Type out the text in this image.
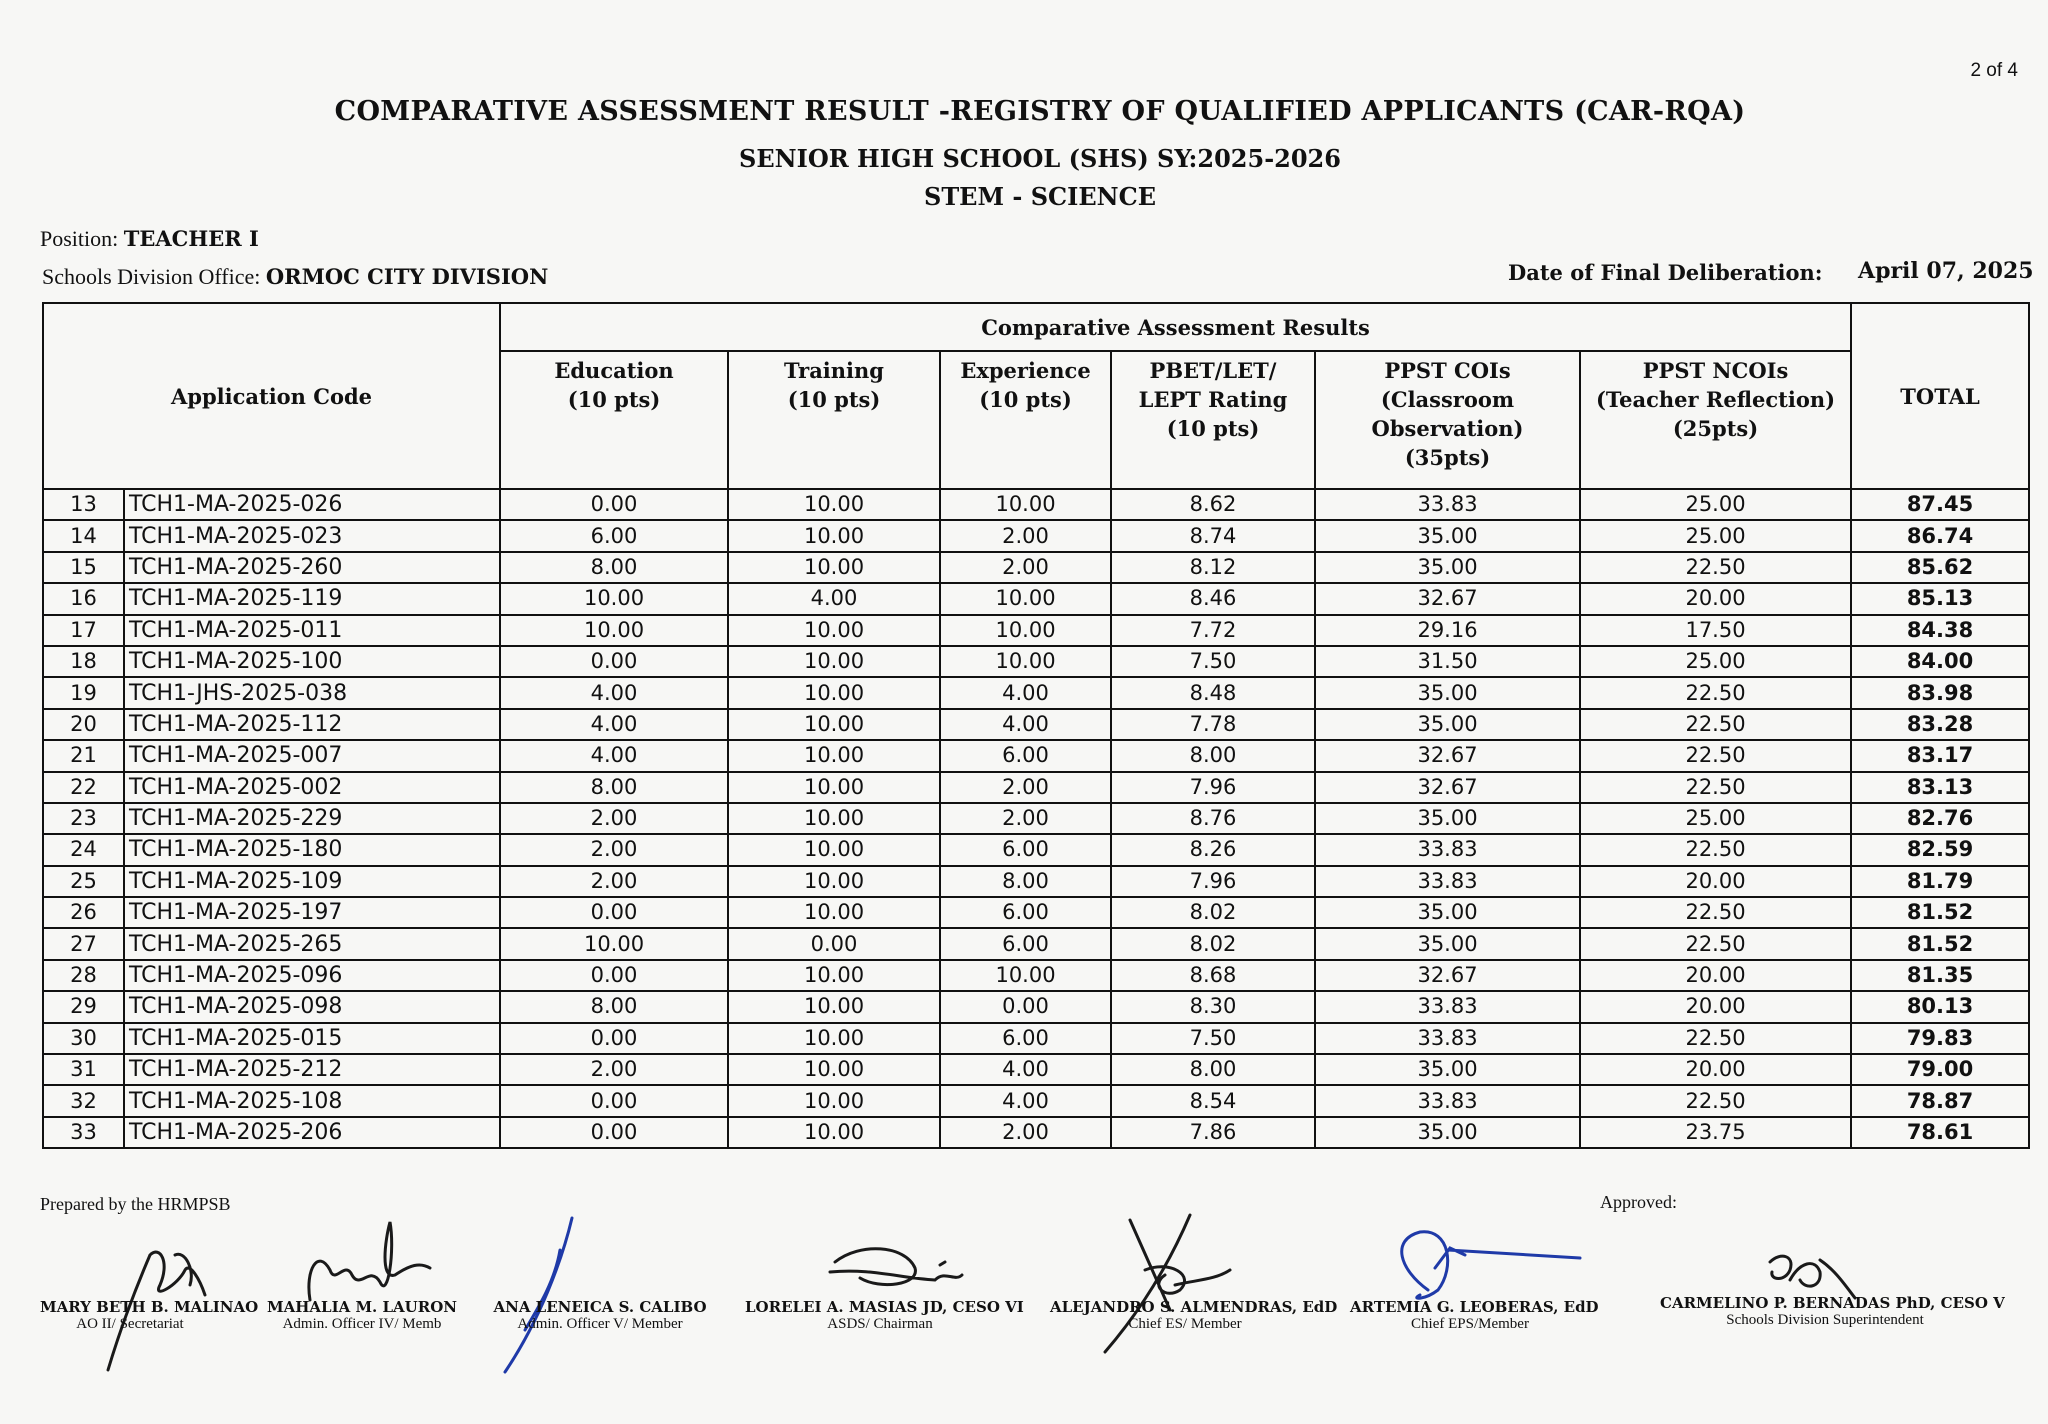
2 of 4
COMPARATIVE ASSESSMENT RESULT -REGISTRY OF QUALIFIED APPLICANTS (CAR-RQA)
SENIOR HIGH SCHOOL (SHS) SY:2025-2026
STEM - SCIENCE
Position: TEACHER I
Schools Division Office: ORMOC CITY DIVISION	Date of Final Deliberation: April 07, 2025
Application Code		Comparative Assessment Results						TOTAL
		Education
(10 pts)	Training
(10 pts)	Experience
(10 pts)	PBET/LET/
LEPT Rating
(10 pts)	PPST COIs
(Classroom
Observation)
(35pts)	PPST NCOIs
(Teacher Reflection)
(25pts)	
13	TCH1-MA-2025-026	0.00	10.00	10.00	8.62	33.83	25.00	87.45
14	TCH1-MA-2025-023	6.00	10.00	2.00	8.74	35.00	25.00	86.74
15	TCH1-MA-2025-260	8.00	10.00	2.00	8.12	35.00	22.50	85.62
16	TCH1-MA-2025-119	10.00	4.00	10.00	8.46	32.67	20.00	85.13
17	TCH1-MA-2025-011	10.00	10.00	10.00	7.72	29.16	17.50	84.38
18	TCH1-MA-2025-100	0.00	10.00	10.00	7.50	31.50	25.00	84.00
19	TCH1-JHS-2025-038	4.00	10.00	4.00	8.48	35.00	22.50	83.98
20	TCH1-MA-2025-112	4.00	10.00	4.00	7.78	35.00	22.50	83.28
21	TCH1-MA-2025-007	4.00	10.00	6.00	8.00	32.67	22.50	83.17
22	TCH1-MA-2025-002	8.00	10.00	2.00	7.96	32.67	22.50	83.13
23	TCH1-MA-2025-229	2.00	10.00	2.00	8.76	35.00	25.00	82.76
24	TCH1-MA-2025-180	2.00	10.00	6.00	8.26	33.83	22.50	82.59
25	TCH1-MA-2025-109	2.00	10.00	8.00	7.96	33.83	20.00	81.79
26	TCH1-MA-2025-197	0.00	10.00	6.00	8.02	35.00	22.50	81.52
27	TCH1-MA-2025-265	10.00	0.00	6.00	8.02	35.00	22.50	81.52
28	TCH1-MA-2025-096	0.00	10.00	10.00	8.68	32.67	20.00	81.35
29	TCH1-MA-2025-098	8.00	10.00	0.00	8.30	33.83	20.00	80.13
30	TCH1-MA-2025-015	0.00	10.00	6.00	7.50	33.83	22.50	79.83
31	TCH1-MA-2025-212	2.00	10.00	4.00	8.00	35.00	20.00	79.00
32	TCH1-MA-2025-108	0.00	10.00	4.00	8.54	33.83	22.50	78.87
33	TCH1-MA-2025-206	0.00	10.00	2.00	7.86	35.00	23.75	78.61
Prepared by the HRMPSB	Approved:
MARY BETH B. MALINAO
AO II/ Secretariat
MAHALIA M. LAURON
Admin. Officer IV/ Memb
ANA LENEICA S. CALIBO
Admin. Officer V/ Member
LORELEI A. MASIAS JD, CESO VI
ASDS/ Chairman
ALEJANDRO S. ALMENDRAS, EdD
Chief ES/ Member
ARTEMIA G. LEOBERAS, EdD
Chief EPS/Member
CARMELINO P. BERNADAS PhD, CESO V
Schools Division Superintendent
